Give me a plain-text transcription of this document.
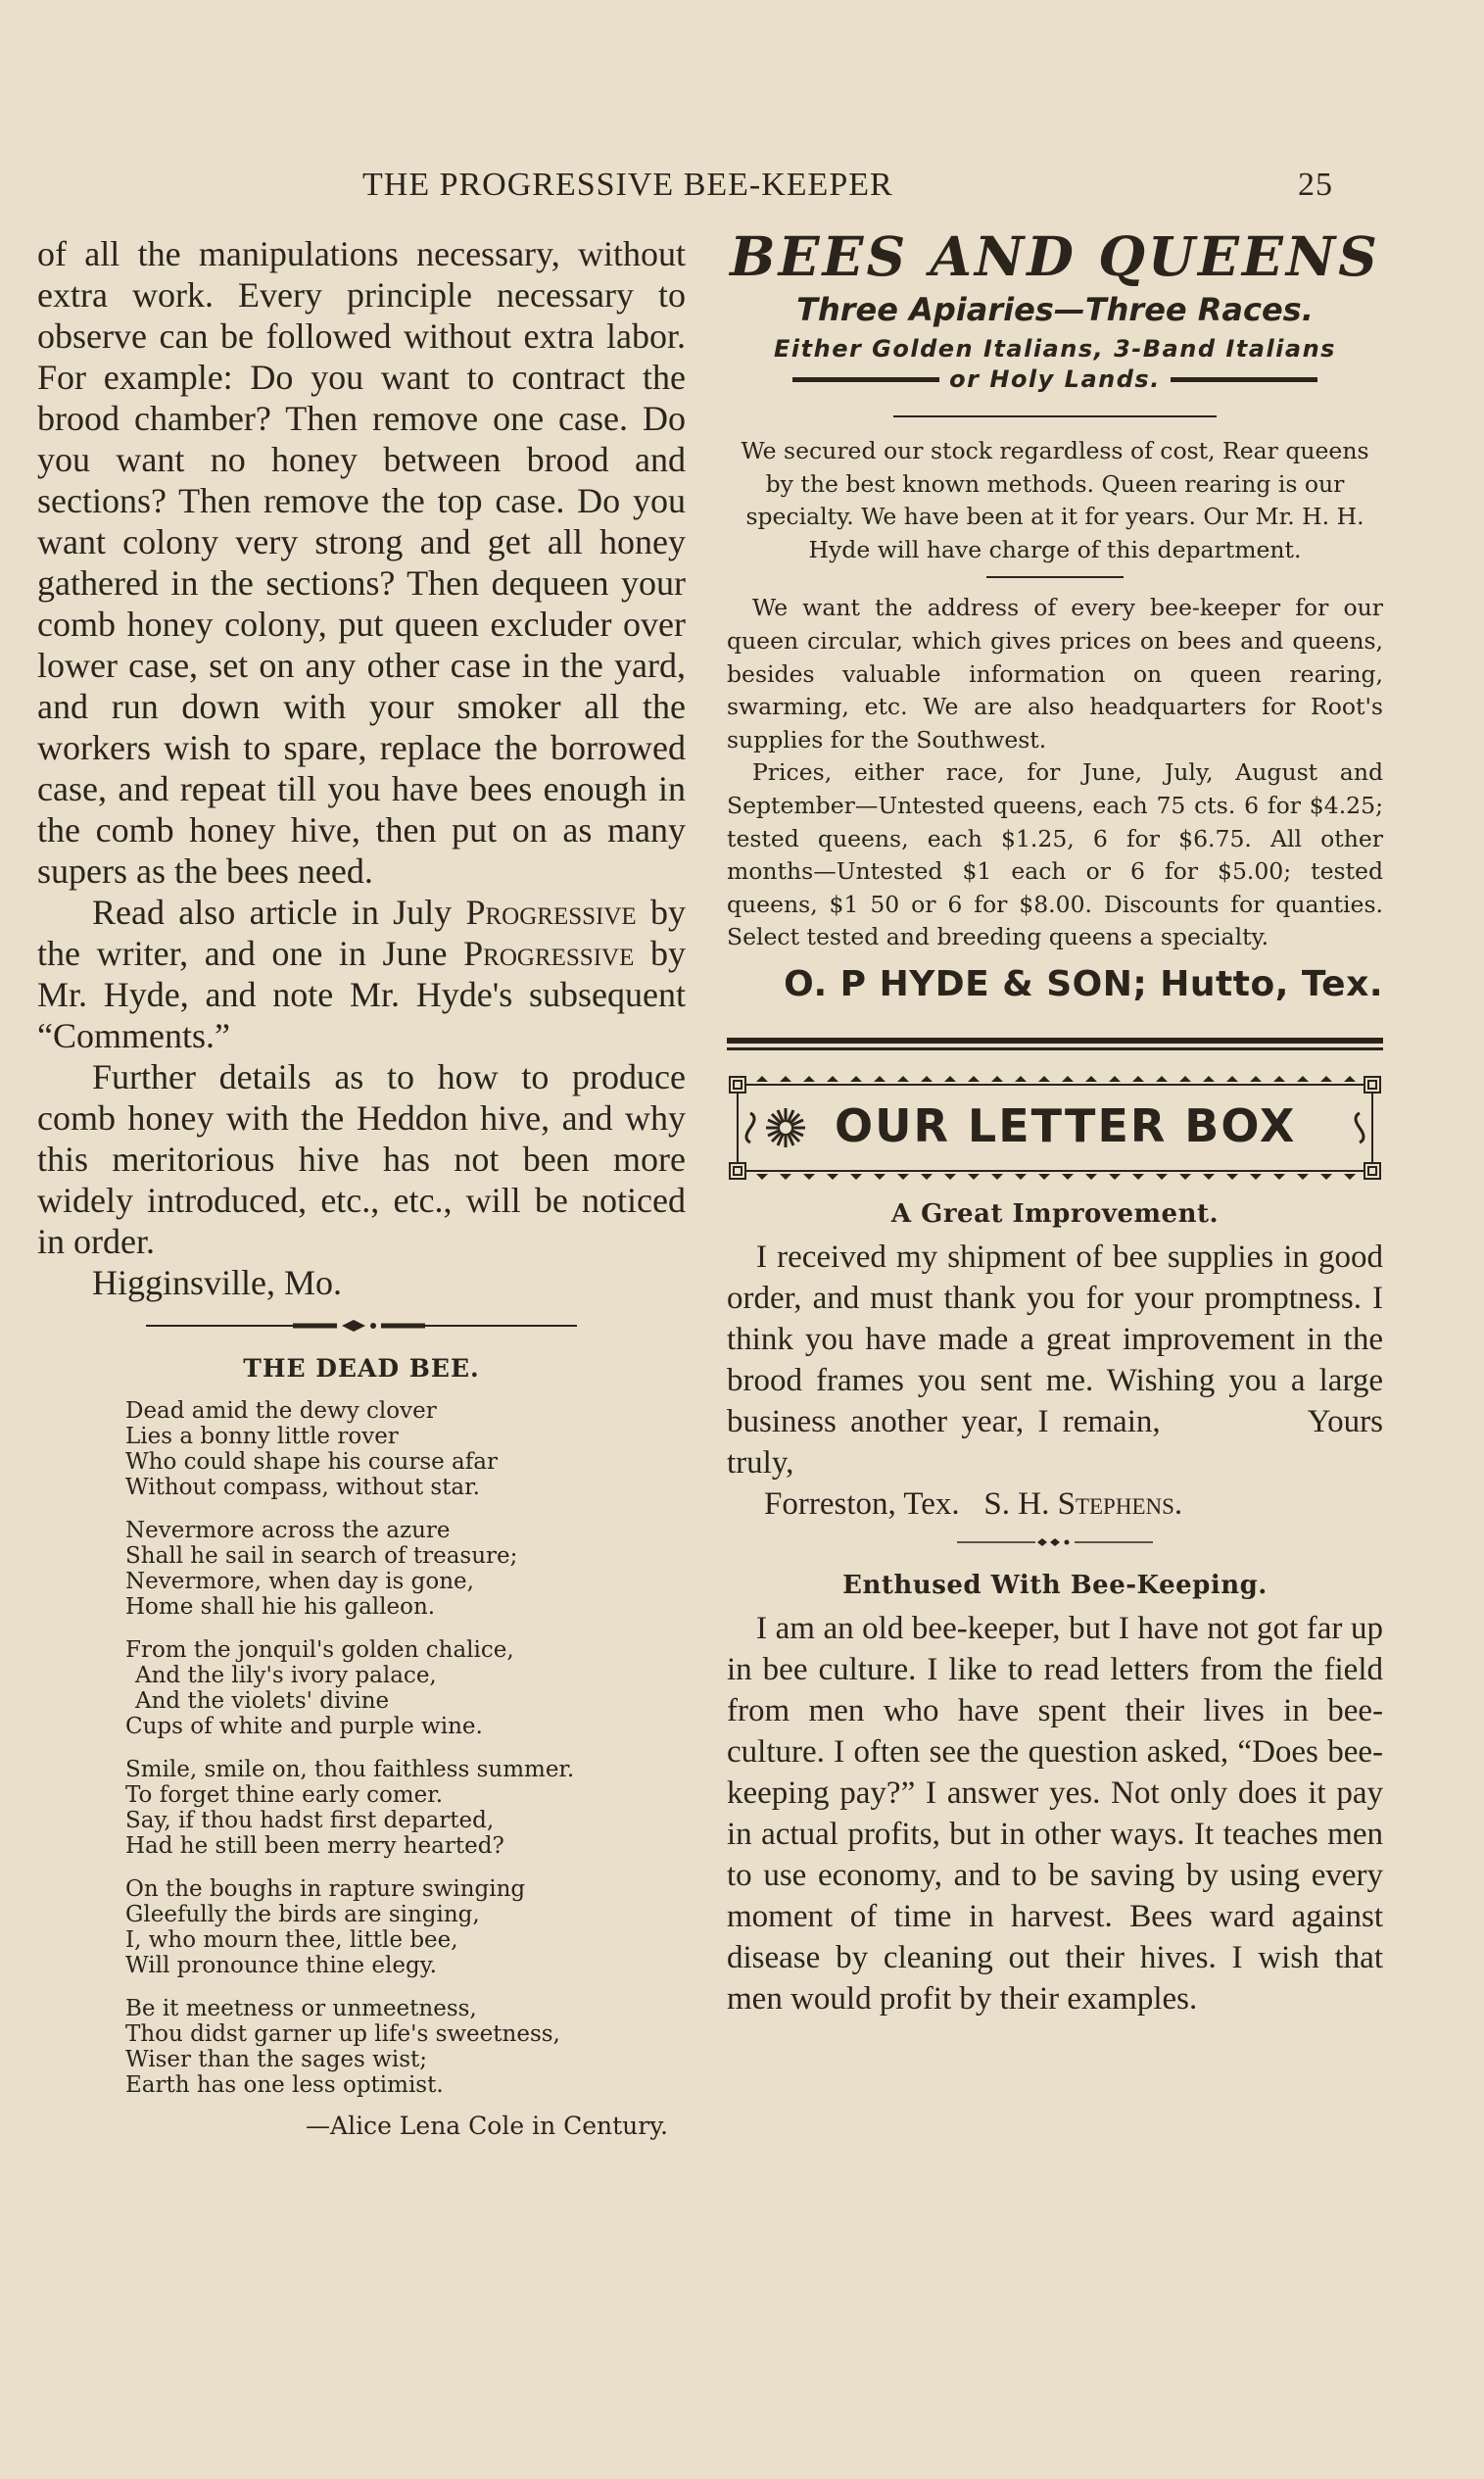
THE PROGRESSIVE BEE-KEEPER	25

of all the manipulations necessary, without extra work. Every principle necessary to observe can be followed without extra labor. For example: Do you want to contract the brood chamber? Then remove one case. Do you want no honey between brood and sections? Then remove the top case. Do you want colony very strong and get all honey gathered in the sections? Then dequeen your comb honey colony, put queen excluder over lower case, set on any other case in the yard, and run down with your smoker all the workers wish to spare, replace the borrowed case, and repeat till you have bees enough in the comb honey hive, then put on as many supers as the bees need.

Read also article in July Progressive by the writer, and one in June Progressive by Mr. Hyde, and note Mr. Hyde's subsequent “Comments.”

Further details as to how to produce comb honey with the Heddon hive, and why this meritorious hive has not been more widely introduced, etc., etc., will be noticed in order.

Higginsville, Mo.

THE DEAD BEE.
Dead amid the dewy clover
Lies a bonny little rover
Who could shape his course afar
Without compass, without star.
Nevermore across the azure
Shall he sail in search of treasure;
Nevermore, when day is gone,
Home shall hie his galleon.
From the jonquil's golden chalice,
And the lily's ivory palace,
And the violets' divine
Cups of white and purple wine.
Smile, smile on, thou faithless summer.
To forget thine early comer.
Say, if thou hadst first departed,
Had he still been merry hearted?
On the boughs in rapture swinging
Gleefully the birds are singing,
I, who mourn thee, little bee,
Will pronounce thine elegy.
Be it meetness or unmeetness,
Thou didst garner up life's sweetness,
Wiser than the sages wist;
Earth has one less optimist.
—Alice Lena Cole in Century.

BEES AND QUEENS

Three Apiaries—Three Races.

Either Golden Italians, 3-Band Italians

or Holy Lands.

We secured our stock regardless of cost, Rear queens by the best known methods. Queen rearing is our specialty. We have been at it for years. Our Mr. H. H. Hyde will have charge of this department.

We want the address of every bee-keeper for our queen circular, which gives prices on bees and queens, besides valuable information on queen rearing, swarming, etc. We are also headquarters for Root's supplies for the Southwest.

Prices, either race, for June, July, August and September—Untested queens, each 75 cts. 6 for $4.25; tested queens, each $1.25, 6 for $6.75. All other months—Untested $1 each or 6 for $5.00; tested queens, $1 50 or 6 for $8.00. Discounts for quanties. Select tested and breeding queens a specialty.

O. P HYDE & SON; Hutto, Tex.

OUR LETTER BOX
A Great Improvement.

I received my shipment of bee supplies in good order, and must thank you for your promptness. I think you have made a great improvement in the brood frames you sent me. Wishing you a large business another year, I remain,	Yours truly,

Forreston, Tex. S. H. Stephens.

Enthused With Bee-Keeping.

I am an old bee-keeper, but I have not got far up in bee culture. I like to read letters from the field from men who have spent their lives in bee-culture. I often see the question asked, “Does bee-keeping pay?” I answer yes. Not only does it pay in actual profits, but in other ways. It teaches men to use economy, and to be saving by using every moment of time in harvest. Bees ward against disease by cleaning out their hives. I wish that men would profit by their examples.
